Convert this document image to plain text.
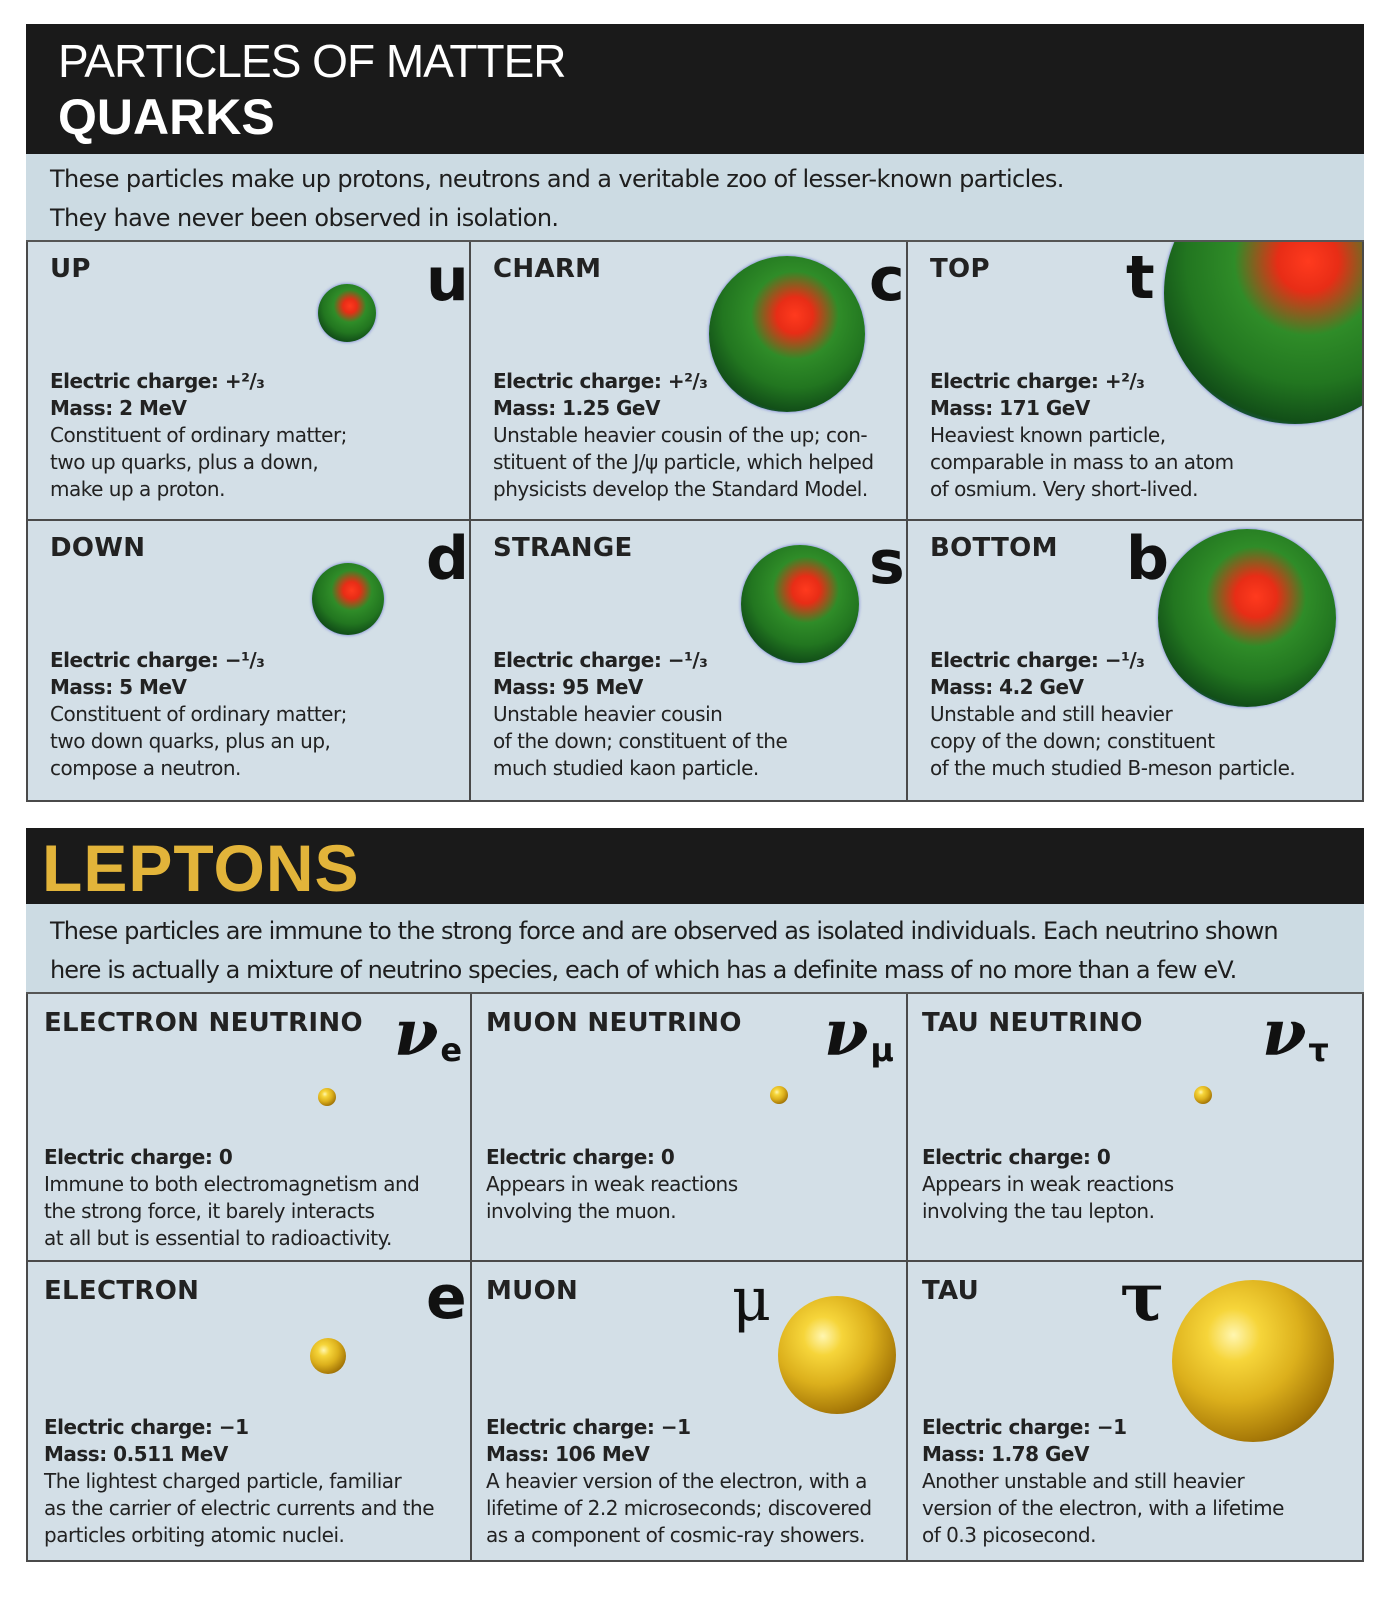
PARTICLES OF MATTER
QUARKS
These particles make up protons, neutrons and a veritable zoo of lesser-known particles.
They have never been observed in isolation.
UP	u
Electric charge: +²/₃
Mass: 2 MeV
Constituent of ordinary matter;
two up quarks, plus a down,
make up a proton.
CHARM	c
Electric charge: +²/₃
Mass: 1.25 GeV
Unstable heavier cousin of the up; con-
stituent of the J/ψ particle, which helped
physicists develop the Standard Model.
TOP t
Electric charge: +²/₃
Mass: 171 GeV
Heaviest known particle,
comparable in mass to an atom
of osmium. Very short-lived.
DOWN	d
Electric charge: −¹/₃
Mass: 5 MeV
Constituent of ordinary matter;
two down quarks, plus an up,
compose a neutron.
STRANGE	s
Electric charge: −¹/₃
Mass: 95 MeV
Unstable heavier cousin
of the down; constituent of the
much studied kaon particle.
BOTTOM b
Electric charge: −¹/₃
Mass: 4.2 GeV
Unstable and still heavier
copy of the down; constituent
of the much studied B-meson particle.
LEPTONS
These particles are immune to the strong force and are observed as isolated individuals. Each neutrino shown
here is actually a mixture of neutrino species, each of which has a definite mass of no more than a few eV.
ELECTRON NEUTRINO $\nu_e$
Electric charge: 0
Immune to both electromagnetism and
the strong force, it barely interacts
at all but is essential to radioactivity.
MUON NEUTRINO $\nu_\mu$
Electric charge: 0
Appears in weak reactions
involving the muon.
TAU NEUTRINO $\nu_\tau$
Electric charge: 0
Appears in weak reactions
involving the tau lepton.
ELECTRON	e
Electric charge: −1
Mass: 0.511 MeV
The lightest charged particle, familiar
as the carrier of electric currents and the
particles orbiting atomic nuclei.
MUON	μ
Electric charge: −1
Mass: 106 MeV
A heavier version of the electron, with a
lifetime of 2.2 microseconds; discovered
as a component of cosmic-ray showers.
TAU τ
Electric charge: −1
Mass: 1.78 GeV
Another unstable and still heavier
version of the electron, with a lifetime
of 0.3 picosecond.
